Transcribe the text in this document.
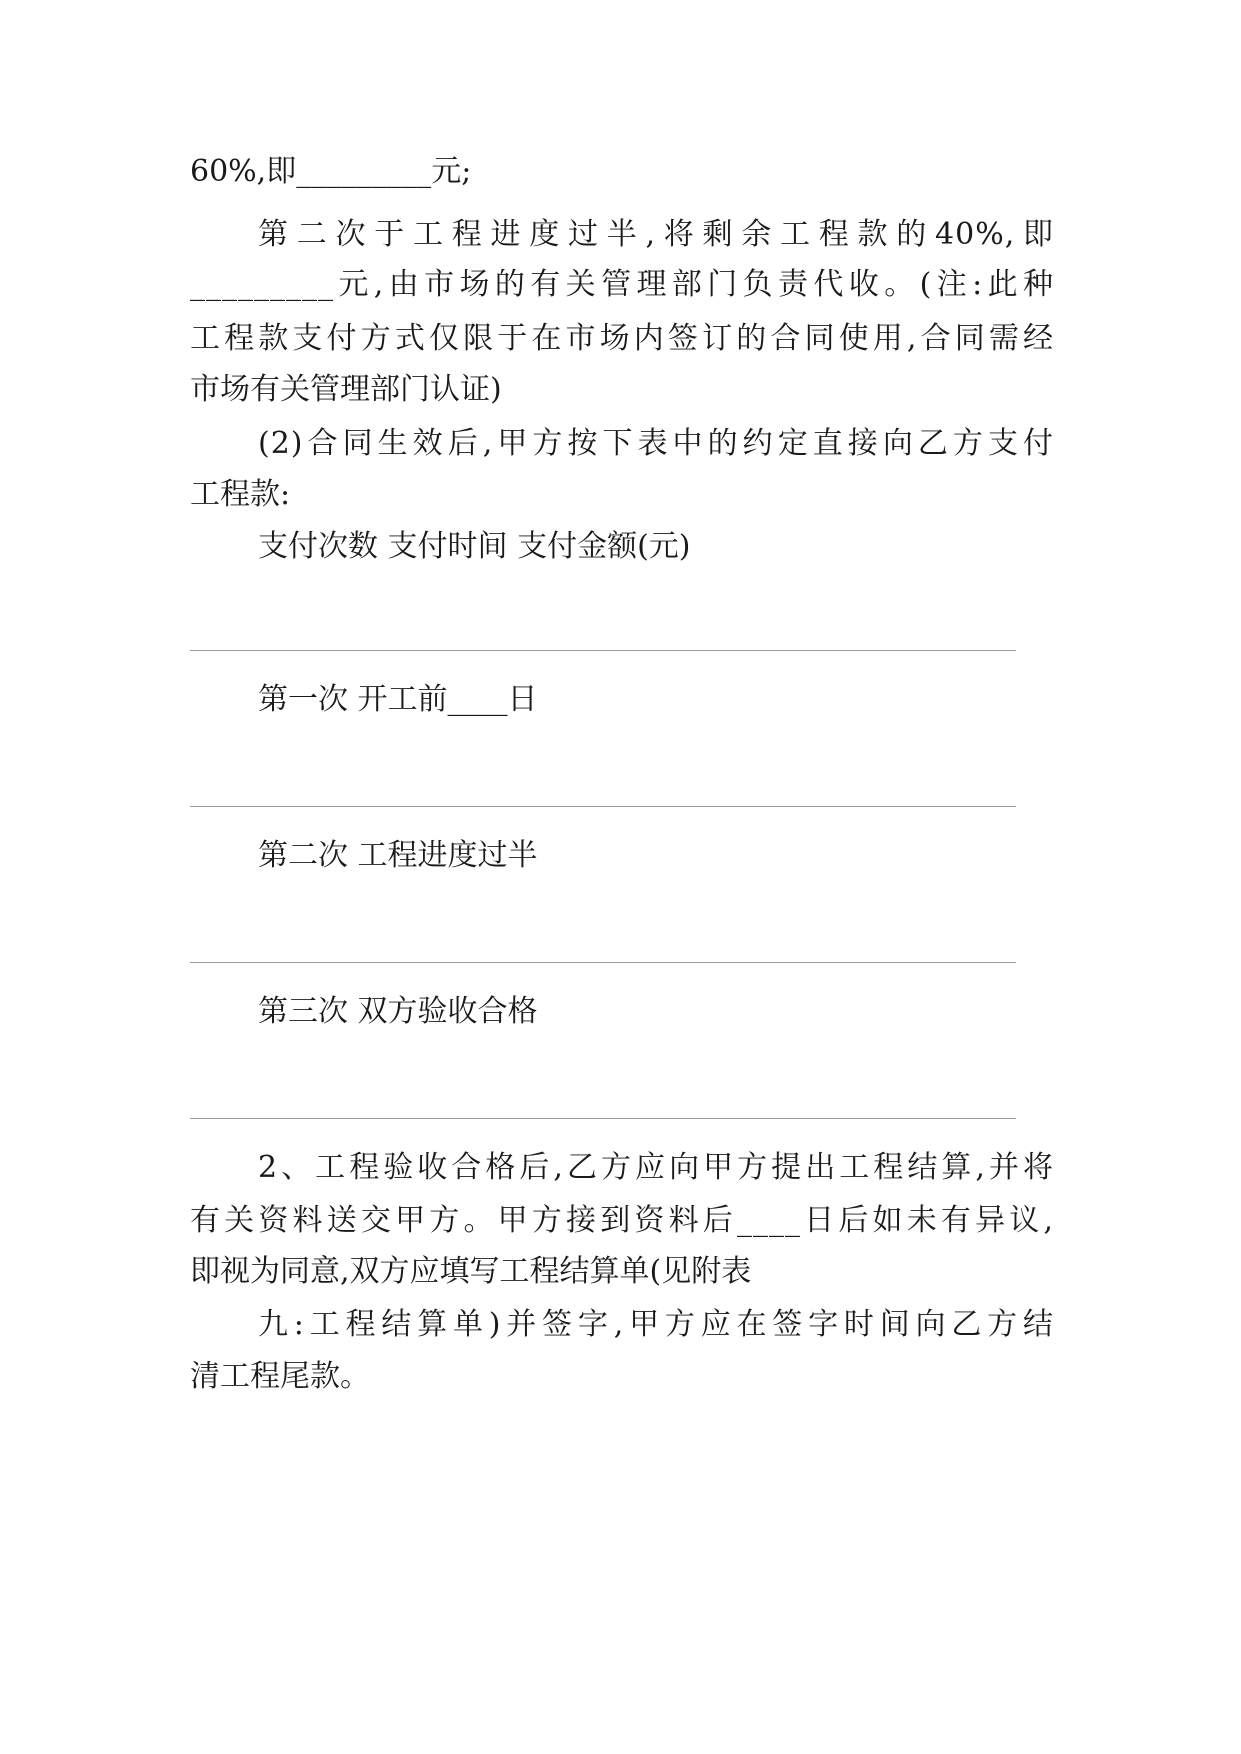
60%,即_________元;
第二次于工程进度过半,将剩余工程款的40%,即
_________元,由市场的有关管理部门负责代收。(注:此种
工程款支付方式仅限于在市场内签订的合同使用,合同需经
市场有关管理部门认证)
(2)合同生效后,甲方按下表中的约定直接向乙方支付
工程款:
支付次数 支付时间 支付金额(元)
第一次 开工前____日
第二次 工程进度过半
第三次 双方验收合格
2、工程验收合格后,乙方应向甲方提出工程结算,并将
有关资料送交甲方。甲方接到资料后____日后如未有异议,
即视为同意,双方应填写工程结算单(见附表
九:工程结算单)并签字,甲方应在签字时间向乙方结
清工程尾款。
